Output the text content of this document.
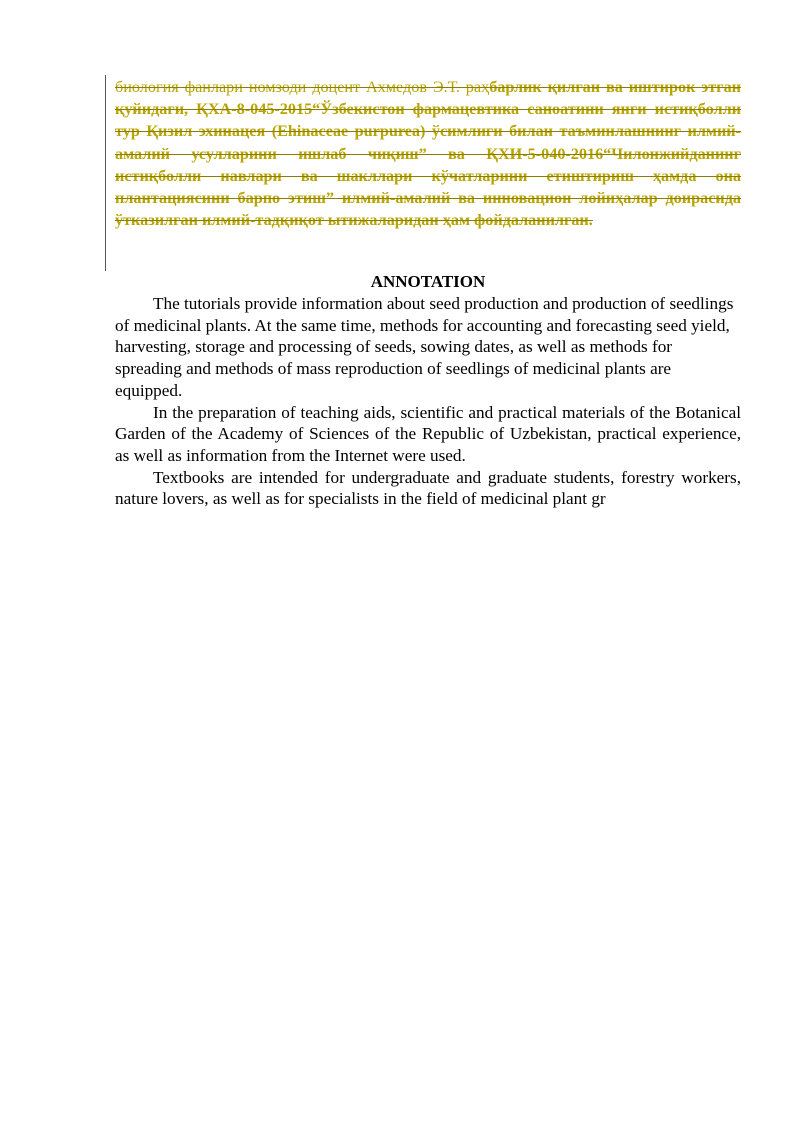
биология фанлари номзоди доцент Ахмедов Э.Т. раҳбарлик қилган ва иштирок этган қуйидаги, ҚХА-8-045-2015“Ўзбекистон фармацевтика саноатини янги истиқболли тур Қизил эхинацея (Ehinaceae purpurea) ўсимлиги билан таъминлашнинг илмий-амалий усулларини ишлаб чиқиш” ва ҚХИ-5-040-2016“Чилонжийданинг истиқболли навлари ва шакллари кўчатларини етиштириш ҳамда она плантациясини барпо этиш” илмий-амалий ва инновацион лойиҳалар доирасида ўтказилган илмий-тадқиқот ытижаларидан ҳам фойдаланилган.
ANNOTATION

The tutorials provide information about seed production and production of seedlings of medicinal plants. At the same time, methods for accounting and forecasting seed yield, harvesting, storage and processing of seeds, sowing dates, as well as methods for spreading and methods of mass reproduction of seedlings of medicinal plants are equipped.

In the preparation of teaching aids, scientific and practical materials of the Botanical Garden of the Academy of Sciences of the Republic of Uzbekistan, practical experience, as well as information from the Internet were used.

Textbooks are intended for undergraduate and graduate students, forestry workers, nature lovers, as well as for specialists in the field of medicinal plant gr
